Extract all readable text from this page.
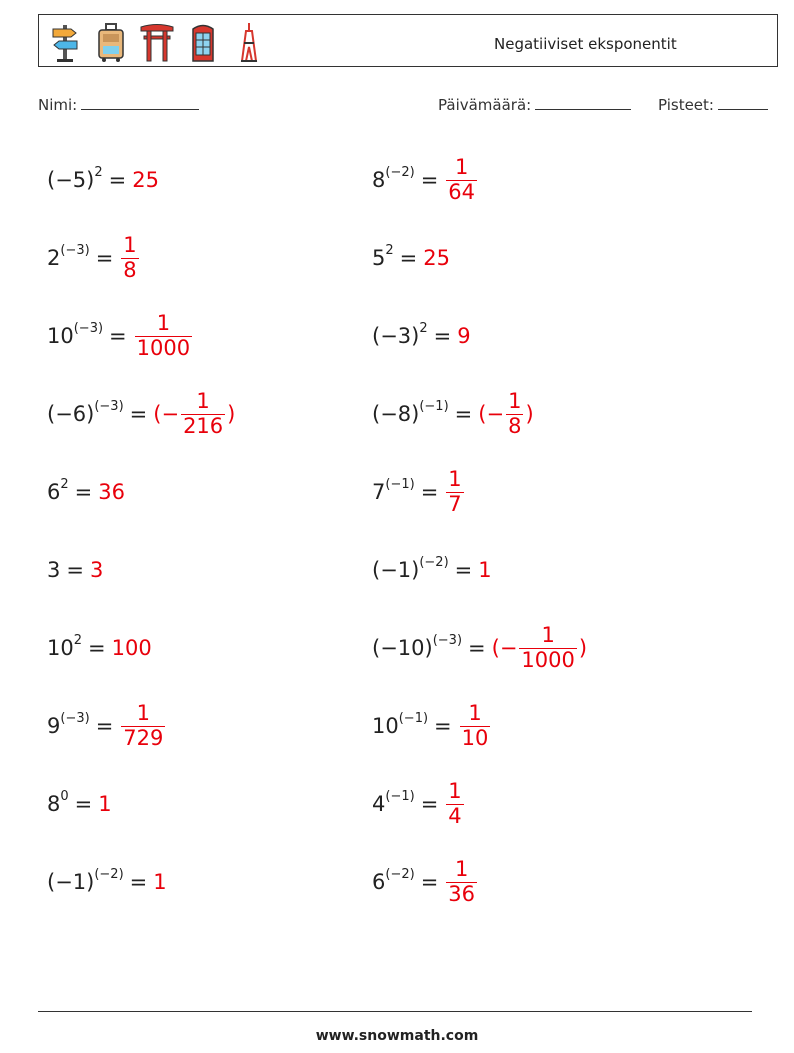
Negatiiviset eksponentit
Nimi:	Päivämäärä:	Pisteet:
$(-5)^2 = 25$	$8^{(-2)} = \frac{1}{64}$
$2^{(-3)} = \frac{1}{8}$	$5^2 = 25$
$10^{(-3)} = \frac{1}{1000}$	$(-3)^2 = 9$
$(-6)^{(-3)}$ = (− $\frac{1}{216}$ )	$(-8)^{(-1)}$ = (− $\frac{1}{8}$ )
$6^2 = 36$	$7^{(-1)} = \frac{1}{7}$
3 = 3	$(-1)^{(-2)} = 1$
$10^2 = 100$	$(-10)^{(-3)}$ = (− $\frac{1}{1000}$ )
$9^{(-3)} = \frac{1}{729}$	$10^{(-1)} = \frac{1}{10}$
$8^0 = 1$	$4^{(-1)} = \frac{1}{4}$
$(-1)^{(-2)} = 1$	$6^{(-2)} = \frac{1}{36}$
www.snowmath.com
